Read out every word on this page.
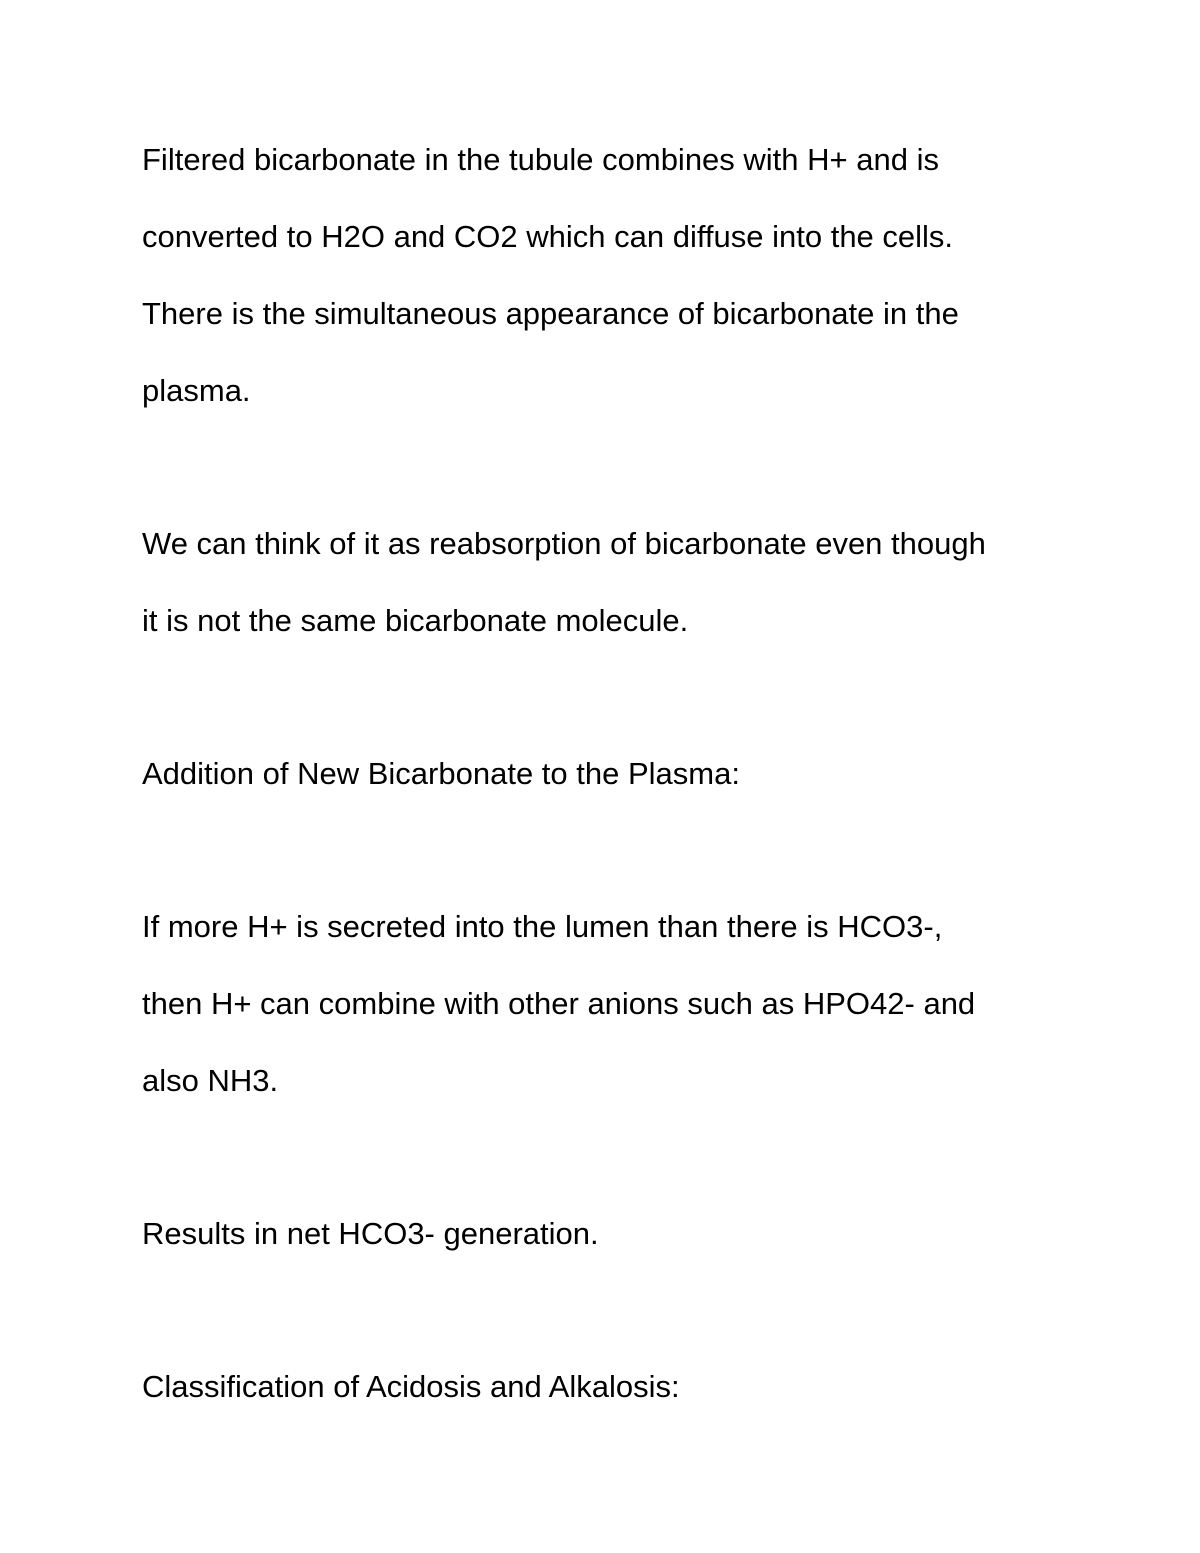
Filtered bicarbonate in the tubule combines with H+ and is

converted to H2O and CO2 which can diffuse into the cells.

There is the simultaneous appearance of bicarbonate in the

plasma.

We can think of it as reabsorption of bicarbonate even though

it is not the same bicarbonate molecule.

Addition of New Bicarbonate to the Plasma:

If more H+ is secreted into the lumen than there is HCO3-,

then H+ can combine with other anions such as HPO42- and

also NH3.

Results in net HCO3- generation.

Classification of Acidosis and Alkalosis:
